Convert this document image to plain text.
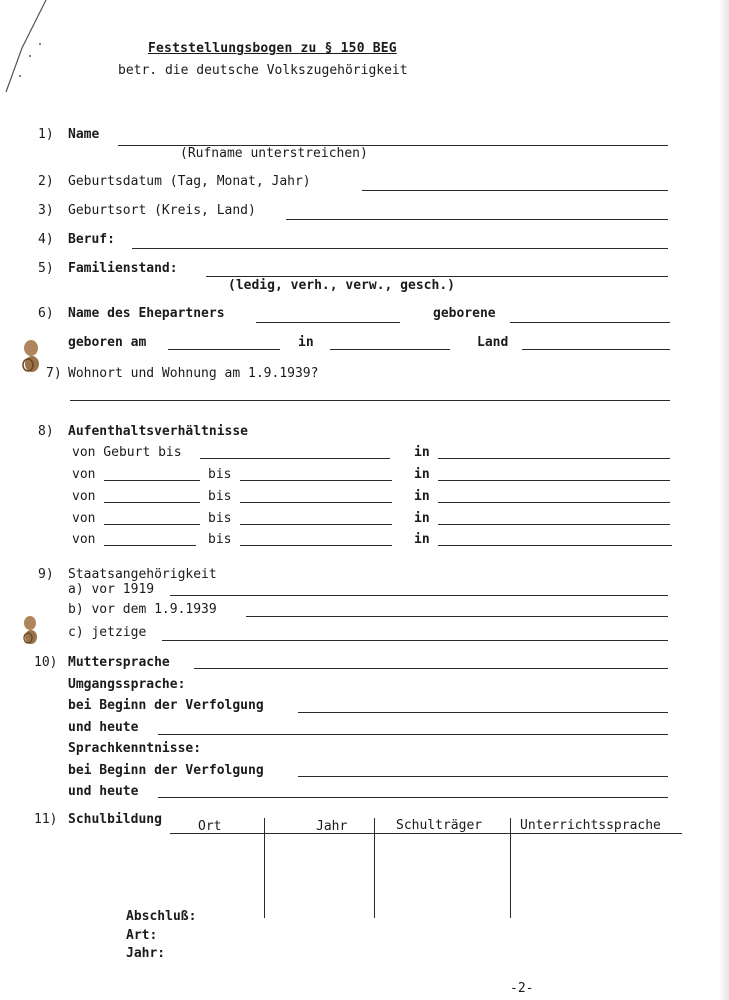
Feststellungsbogen zu § 150 BEG
betr. die deutsche Volkszugehörigkeit
1) Name
(Rufname unterstreichen)
2) Geburtsdatum (Tag, Monat, Jahr)
3) Geburtsort (Kreis, Land)
4) Beruf:
5) Familienstand:
(ledig, verh., verw., gesch.)
6) Name des Ehepartners	geborene
geboren am	in	Land
7) Wohnort und Wohnung am 1.9.1939?
8) Aufenthaltsverhältnisse
von Geburt bis	in
von	bis	in
von	bis	in
von	bis	in
von	bis	in
9) Staatsangehörigkeit
a) vor 1919
b) vor dem 1.9.1939
c) jetzige
10) Muttersprache
Umgangssprache:
bei Beginn der Verfolgung
und heute
Sprachkenntnisse:
bei Beginn der Verfolgung
und heute
11) Schulbildung	Ort	Jahr	Schulträger	Unterrichtssprache
Abschluß:
Art:
Jahr:
-2-
